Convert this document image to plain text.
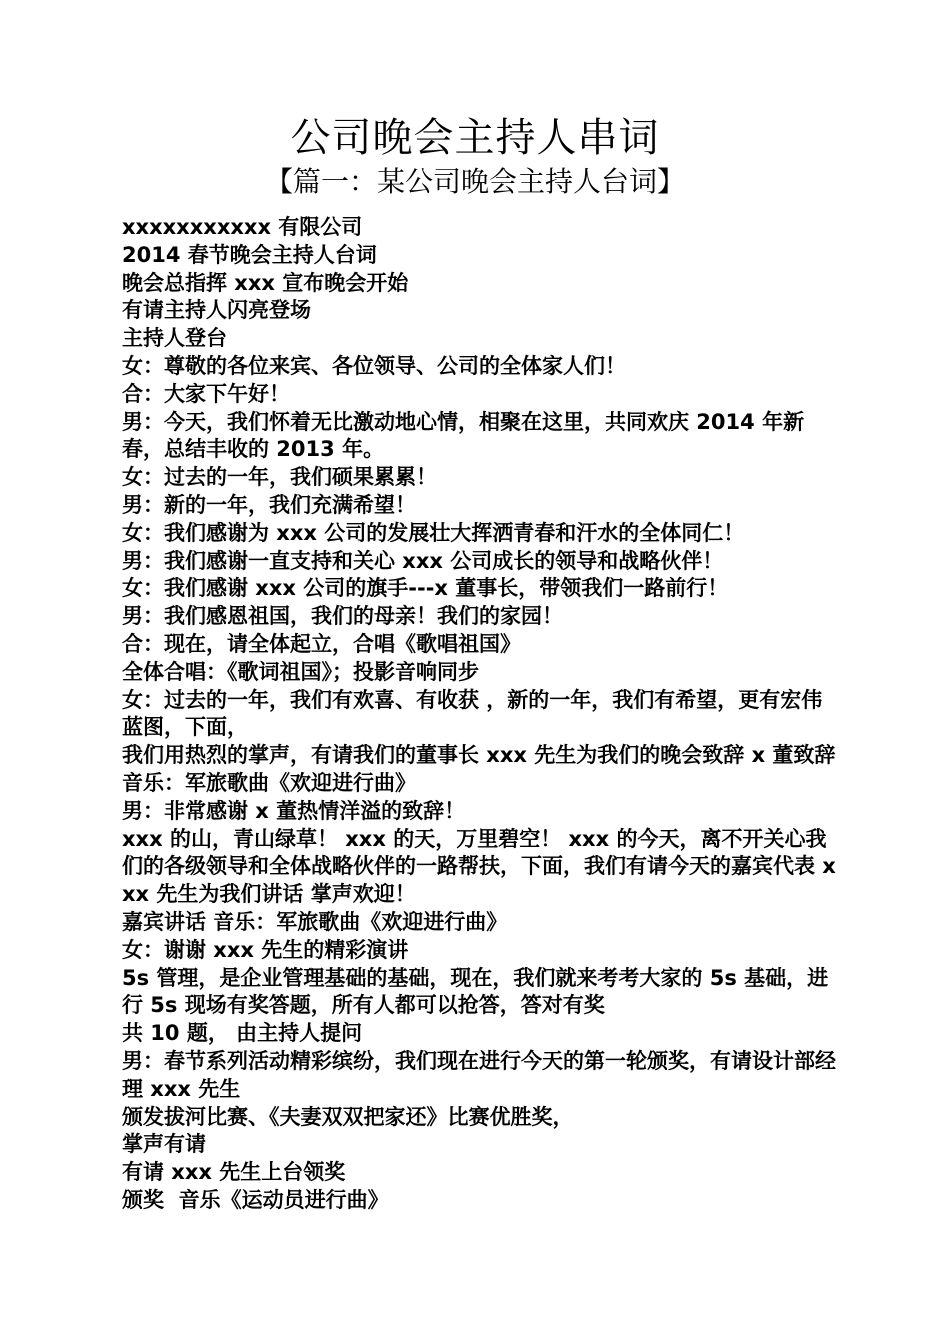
公司晚会主持人串词
【篇一：某公司晚会主持人台词】

xxxxxxxxxxx 有限公司

2014 春节晚会主持人台词

晚会总指挥 xxx 宣布晚会开始

有请主持人闪亮登场

主持人登台

女：尊敬的各位来宾、各位领导、公司的全体家人们！

合：大家下午好！

男：今天，我们怀着无比激动地心情，相聚在这里，共同欢庆 2014 年新春，总结丰收的 2013 年。

女：过去的一年，我们硕果累累！

男：新的一年，我们充满希望！

女：我们感谢为 xxx 公司的发展壮大挥洒青春和汗水的全体同仁！

男：我们感谢一直支持和关心 xxx 公司成长的领导和战略伙伴！

女：我们感谢 xxx 公司的旗手---x 董事长，带领我们一路前行！

男：我们感恩祖国，我们的母亲！我们的家园！

合：现在，请全体起立，合唱《歌唱祖国》

全体合唱：《歌词祖国》；投影音响同步

女：过去的一年，我们有欢喜、有收获 ，新的一年，我们有希望，更有宏伟蓝图，下面，

我们用热烈的掌声，有请我们的董事长 xxx 先生为我们的晚会致辞 x 董致辞  音乐：军旅歌曲《欢迎进行曲》

男：非常感谢 x 董热情洋溢的致辞！

xxx 的山，青山绿草！ xxx 的天，万里碧空！ xxx 的今天，离不开关心我们的各级领导和全体战略伙伴的一路帮扶，下面，我们有请今天的嘉宾代表 xxx 先生为我们讲话 掌声欢迎！

嘉宾讲话 音乐：军旅歌曲《欢迎进行曲》

女：谢谢 xxx 先生的精彩演讲

5s 管理，是企业管理基础的基础，现在，我们就来考考大家的 5s 基础，进行 5s 现场有奖答题，所有人都可以抢答，答对有奖

共 10 题， 由主持人提问

男：春节系列活动精彩缤纷，我们现在进行今天的第一轮颁奖，有请设计部经理 xxx 先生

颁发拔河比赛、《夫妻双双把家还》比赛优胜奖，

掌声有请

有请 xxx 先生上台领奖

颁奖  音乐《运动员进行曲》
